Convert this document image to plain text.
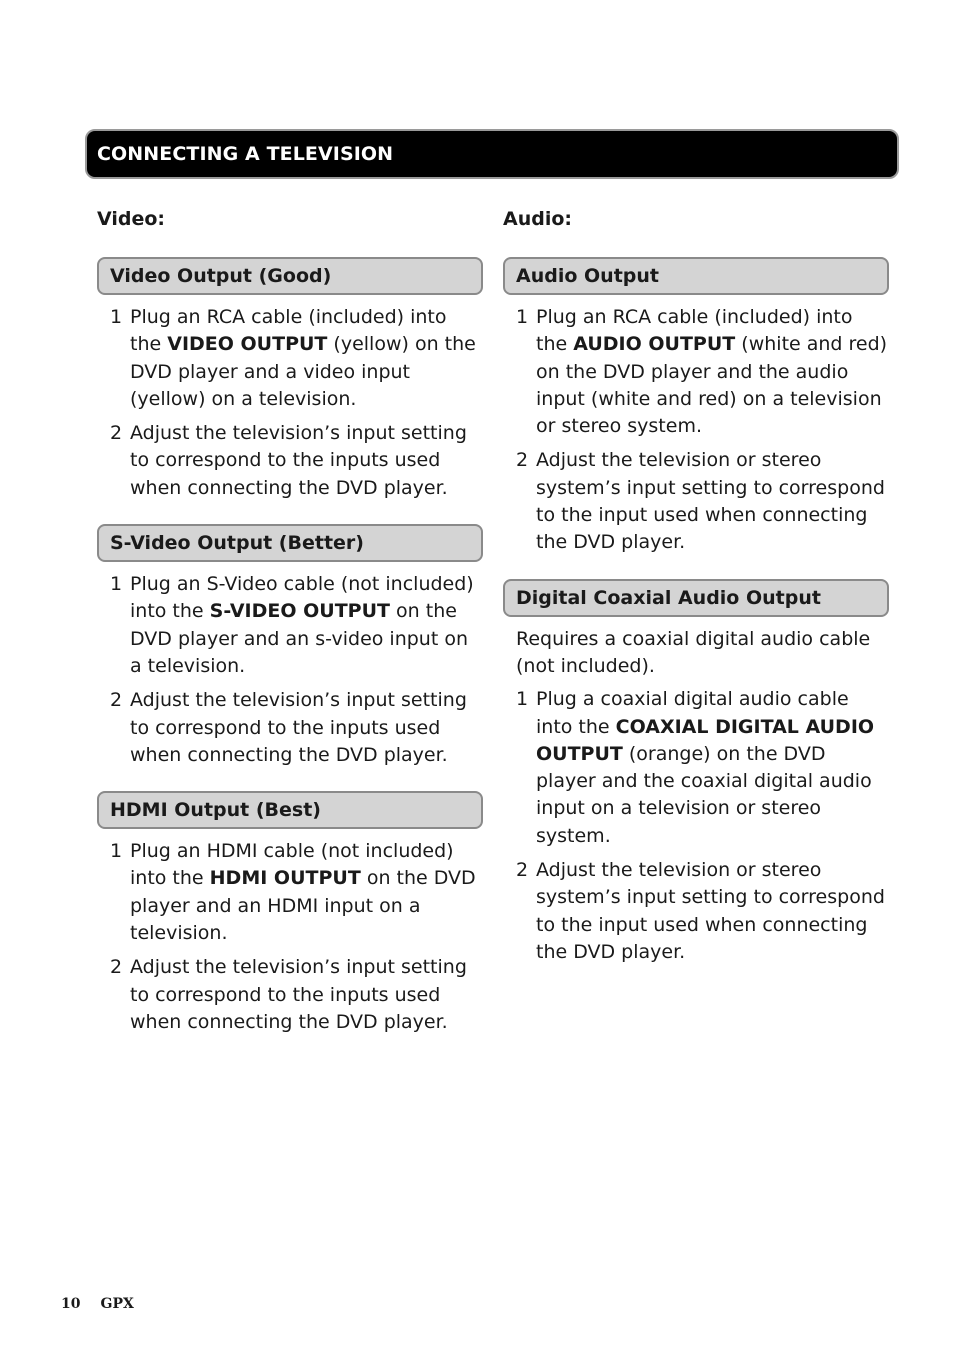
CONNECTING A TELEVISION
Video:
Video Output (Good)
1 Plug an RCA cable (included) into the VIDEO OUTPUT (yellow) on the DVD player and a video input (yellow) on a television.
2 Adjust the television’s input setting to correspond to the inputs used when connecting the DVD player.
S-Video Output (Better)
1 Plug an S-Video cable (not included) into the S-VIDEO OUTPUT on the DVD player and an s-video input on a television.
2 Adjust the television’s input setting to correspond to the inputs used when connecting the DVD player.
HDMI Output (Best)
1 Plug an HDMI cable (not included) into the HDMI OUTPUT on the DVD player and an HDMI input on a television.
2 Adjust the television’s input setting to correspond to the inputs used when connecting the DVD player.
Audio:
Audio Output
1 Plug an RCA cable (included) into the AUDIO OUTPUT (white and red) on the DVD player and the audio input (white and red) on a television or stereo system.
2 Adjust the television or stereo system’s input setting to correspond to the input used when connecting the DVD player.
Digital Coaxial Audio Output

Requires a coaxial digital audio cable (not included).

1 Plug a coaxial digital audio cable into the COAXIAL DIGITAL AUDIO OUTPUT (orange) on the DVD player and the coaxial digital audio input on a television or stereo system.
2 Adjust the television or stereo system’s input setting to correspond to the input used when connecting the DVD player.
10 GPX
